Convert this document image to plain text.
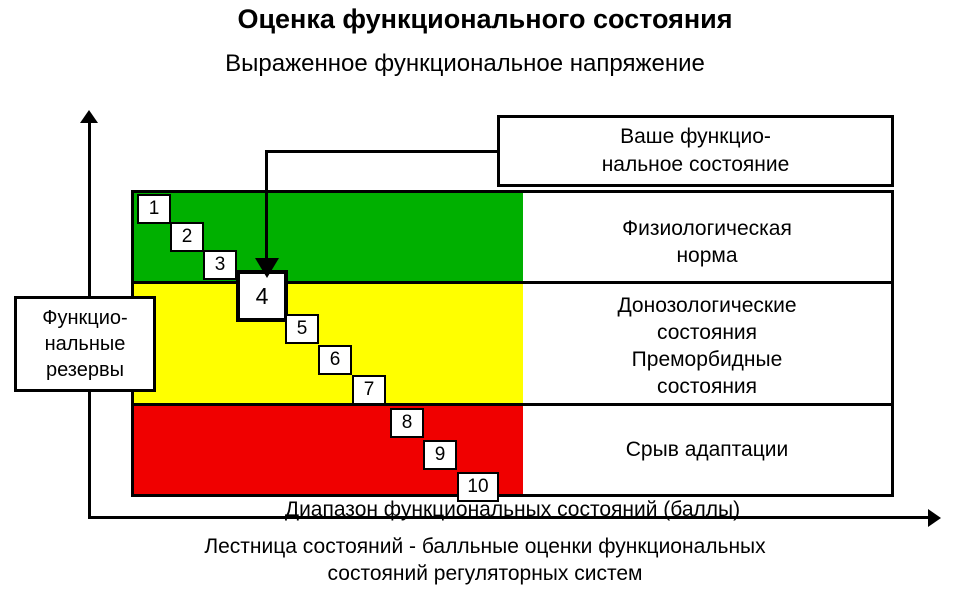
Оценка функционального состояния
Выраженное функциональное напряжение
Физиологическая
норма
Донозологические
состояния
Преморбидные
состояния
Срыв адаптации
1
2
3
4
5
6
7
8
9
10
Ваше функцио-
нальное состояние
Функцио-
нальные
резервы
Диапазон функциональных состояний (баллы)
Лестница состояний - балльные оценки функциональных
состояний регуляторных систем
